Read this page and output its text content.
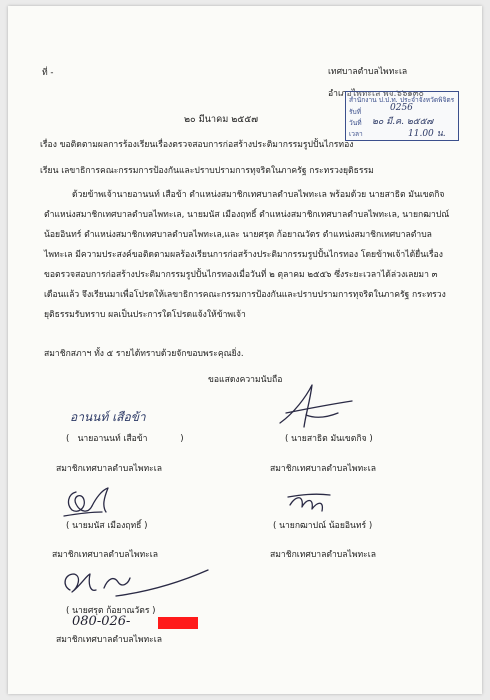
ที่ -	เทศบาลตำบลไพทะเล
อำเภอไพทะเล พจ.๖๖๑๓๐
สำนักงาน ป.ป.ท. ประจำจังหวัดพิจิตร
รับที่	0256
วันที่ ๒๐ มี.ค. ๒๕๕๗
เวลา	11.00 น.
๒๐ มีนาคม ๒๕๕๗
เรื่อง ขอติดตามผลการร้องเรียนเรื่องตรวจสอบการก่อสร้างประติมากรรมรูปปั้นไกรทอง
เรียน เลขาธิการคณะกรรมการป้องกันและปราบปรามการทุจริตในภาครัฐ กระทรวงยุติธรรม
ด้วยข้าพเจ้านายอานนท์ เสือข้า ตำแหน่งสมาชิกเทศบาลตำบลไพทะเล พร้อมด้วย นายสาธิต มันเขตกิจ
ตำแหน่งสมาชิกเทศบาลตำบลไพทะเล, นายมนัส เมืองฤทธิ์ ตำแหน่งสมาชิกเทศบาลตำบลไพทะเล, นายกฒาปณ์
น้อยอินทร์ ตำแหน่งสมาชิกเทศบาลตำบลไพทะเล,และ นายศรุต ก้อยาณวัตร ตำแหน่งสมาชิกเทศบาลตำบล
ไพทะเล มีความประสงค์ขอติดตามผลร้องเรียนการก่อสร้างประติมากรรมรูปปั้นไกรทอง โดยข้าพเจ้าได้ยื่นเรื่อง
ขอตรวจสอบการก่อสร้างประติมากรรมรูปปั้นไกรทองเมื่อวันที่ ๒ ตุลาคม ๒๕๕๖ ซึ่งระยะเวลาได้ล่วงเลยมา ๓
เดือนแล้ว จึงเรียนมาเพื่อโปรดให้เลขาธิการคณะกรรมการป้องกันและปราบปรามการทุจริตในภาครัฐ กระทรวง
ยุติธรรมรับทราบ ผลเป็นประการใดโปรดแจ้งให้ข้าพเจ้า
สมาชิกสภาฯ ทั้ง ๕ รายได้ทราบด้วยจักขอบพระคุณยิ่ง.
ขอแสดงความนับถือ
อานนท์ เสือข้า
(   นายอานนท์ เสือข้า            )
สมาชิกเทศบาลตำบลไพทะเล
( นายสาธิต มันเขตกิจ )
สมาชิกเทศบาลตำบลไพทะเล
( นายมนัส เมืองฤทธิ์ )
สมาชิกเทศบาลตำบลไพทะเล
( นายกฒาปณ์ น้อยอินทร์ )
สมาชิกเทศบาลตำบลไพทะเล
( นายศรุต ก้อยาณวัตร )
080-026-
สมาชิกเทศบาลตำบลไพทะเล
